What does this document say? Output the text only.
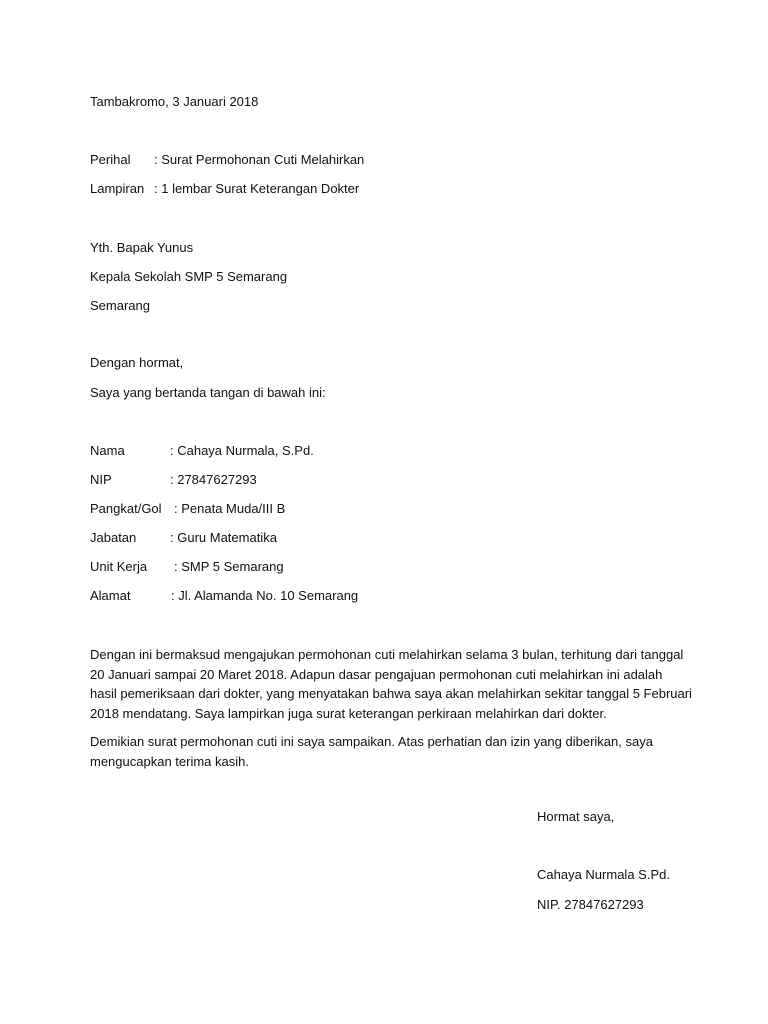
Tambakromo, 3 Januari 2018
Perihal : Surat Permohonan Cuti Melahirkan
Lampiran : 1 lembar Surat Keterangan Dokter
Yth. Bapak Yunus
Kepala Sekolah SMP 5 Semarang
Semarang
Dengan hormat,
Saya yang bertanda tangan di bawah ini:
Nama	: Cahaya Nurmala, S.Pd.
NIP	: 27847627293
Pangkat/Gol : Penata Muda/III B
Jabatan	: Guru Matematika
Unit Kerja : SMP 5 Semarang
Alamat	: Jl. Alamanda No. 10 Semarang

Dengan ini bermaksud mengajukan permohonan cuti melahirkan selama 3 bulan, terhitung dari tanggal

20 Januari sampai 20 Maret 2018. Adapun dasar pengajuan permohonan cuti melahirkan ini adalah

hasil pemeriksaan dari dokter, yang menyatakan bahwa saya akan melahirkan sekitar tanggal 5 Februari

2018 mendatang. Saya lampirkan juga surat keterangan perkiraan melahirkan dari dokter.

Demikian surat permohonan cuti ini saya sampaikan. Atas perhatian dan izin yang diberikan, saya

mengucapkan terima kasih.

Hormat saya,
Cahaya Nurmala S.Pd.
NIP. 27847627293
